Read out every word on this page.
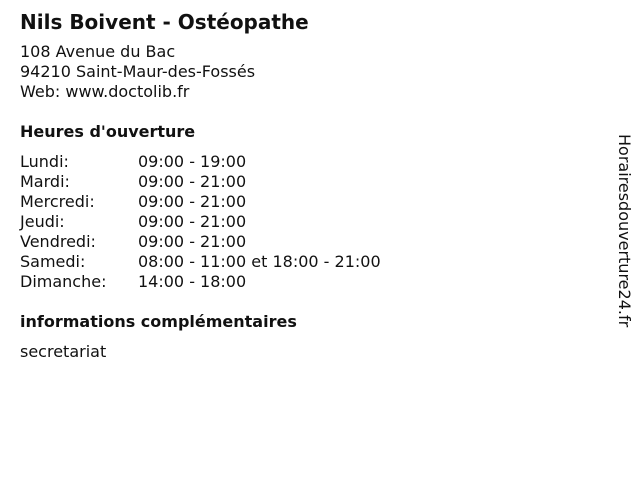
Nils Boivent - Ostéopathe
108 Avenue du Bac
94210 Saint-Maur-des-Fossés
Web: www.doctolib.fr
Heures d'ouverture
Lundi:	09:00 - 19:00
Mardi:	09:00 - 21:00
Mercredi:	09:00 - 21:00
Jeudi:	09:00 - 21:00
Vendredi:	09:00 - 21:00
Samedi:	08:00 - 11:00 et 18:00 - 21:00
Dimanche:	14:00 - 18:00
informations complémentaires
secretariat
Horairesdouverture24.fr
